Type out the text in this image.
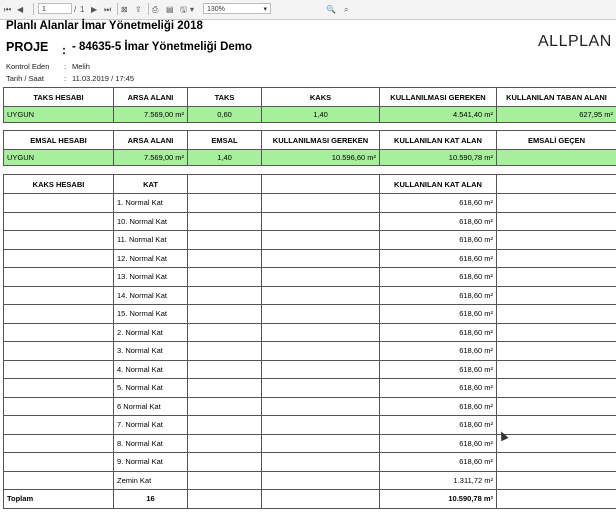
⏮ ◀	1	/ 1 ▶ ⏭ ⊠ ⇪ ⎙ ▤ 🖫 ▾	130%	▾	🔍 ⌕
Planlı Alanlar İmar Yönetmeliği 2018
PROJE : - 84635-5 İmar Yönetmeliği Demo	ALLPLAN
Kontrol Eden : Melih
Tarih / Saat	: 11.03.2019 / 17:45
TAKS HESABI	ARSA ALANI	TAKS	KAKS	KULLANILMASI GEREKEN	KULLANILAN TABAN ALANI
UYGUN	7.569,00 m²	0,60	1,40	4.541,40 m²	627,95 m²
EMSAL HESABI	ARSA ALANI	EMSAL	KULLANILMASI GEREKEN	KULLANILAN KAT ALAN	EMSALİ GEÇEN
UYGUN	7.569,00 m²	1,40	10.596,60 m²	10.590,78 m²	
KAKS HESABI	KAT			KULLANILAN KAT ALAN	
	1. Normal Kat			618,60 m²	
	10. Normal Kat			618,60 m²	
	11. Normal Kat			618,60 m²	
	12. Normal Kat			618,60 m²	
	13. Normal Kat			618,60 m²	
	14. Normal Kat			618,60 m²	
	15. Normal Kat			618,60 m²	
	2. Normal Kat			618,60 m²	
	3. Normal Kat			618,60 m²	
	4. Normal Kat			618,60 m²	
	5. Normal Kat			618,60 m²	
	6 Normal Kat			618,60 m²	
	7. Normal Kat			618,60 m²	
	8. Normal Kat			618,60 m²	
	9. Normal Kat			618,60 m²	
	Zemin Kat			1.311,72 m²	
Toplam	16			10.590,78 m²	
